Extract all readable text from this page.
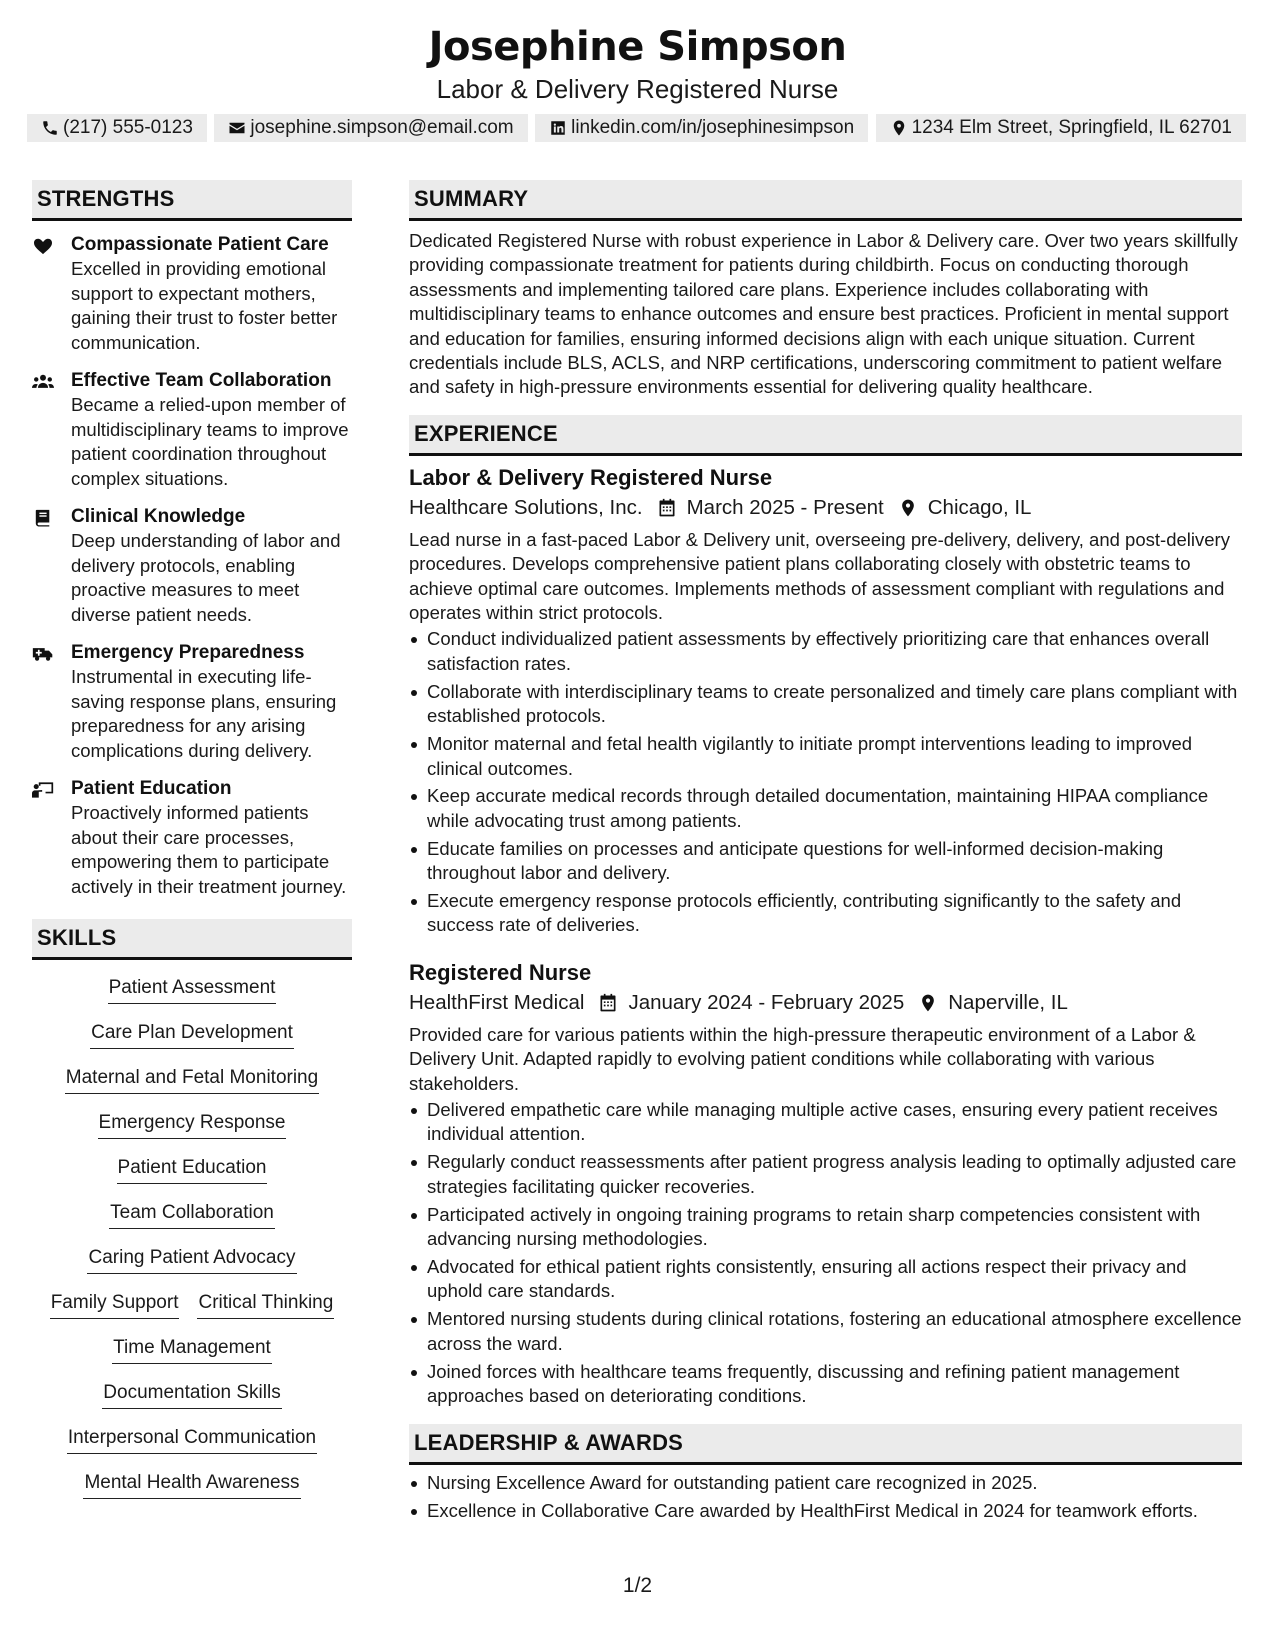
Josephine Simpson
Labor & Delivery Registered Nurse
(217) 555-0123	josephine.simpson@email.com	linkedin.com/in/josephinesimpson	1234 Elm Street, Springfield, IL 62701
STRENGTHS
Compassionate Patient Care
Excelled in providing emotional support to expectant mothers, gaining their trust to foster better communication.
Effective Team Collaboration
Became a relied-upon member of multidisciplinary teams to improve patient coordination throughout complex situations.
Clinical Knowledge
Deep understanding of labor and delivery protocols, enabling proactive measures to meet diverse patient needs.
Emergency Preparedness
Instrumental in executing life-saving response plans, ensuring preparedness for any arising complications during delivery.
Patient Education
Proactively informed patients about their care processes, empowering them to participate actively in their treatment journey.
SKILLS
Patient Assessment
Care Plan Development
Maternal and Fetal Monitoring
Emergency Response
Patient Education
Team Collaboration
Caring Patient Advocacy
Family Support Critical Thinking
Time Management
Documentation Skills
Interpersonal Communication
Mental Health Awareness
SUMMARY
Dedicated Registered Nurse with robust experience in Labor & Delivery care. Over two years skillfully providing compassionate treatment for patients during childbirth. Focus on conducting thorough assessments and implementing tailored care plans. Experience includes collaborating with multidisciplinary teams to enhance outcomes and ensure best practices. Proficient in mental support and education for families, ensuring informed decisions align with each unique situation. Current credentials include BLS, ACLS, and NRP certifications, underscoring commitment to patient welfare and safety in high-pressure environments essential for delivering quality healthcare.
EXPERIENCE
Labor & Delivery Registered Nurse
Healthcare Solutions, Inc. March 2025 - Present Chicago, IL
Lead nurse in a fast-paced Labor & Delivery unit, overseeing pre-delivery, delivery, and post-delivery procedures. Develops comprehensive patient plans collaborating closely with obstetric teams to achieve optimal care outcomes. Implements methods of assessment compliant with regulations and operates within strict protocols.
Conduct individualized patient assessments by effectively prioritizing care that enhances overall satisfaction rates.
Collaborate with interdisciplinary teams to create personalized and timely care plans compliant with established protocols.
Monitor maternal and fetal health vigilantly to initiate prompt interventions leading to improved clinical outcomes.
Keep accurate medical records through detailed documentation, maintaining HIPAA compliance while advocating trust among patients.
Educate families on processes and anticipate questions for well-informed decision-making throughout labor and delivery.
Execute emergency response protocols efficiently, contributing significantly to the safety and success rate of deliveries.
Registered Nurse
HealthFirst Medical January 2024 - February 2025 Naperville, IL
Provided care for various patients within the high-pressure therapeutic environment of a Labor & Delivery Unit. Adapted rapidly to evolving patient conditions while collaborating with various stakeholders.
Delivered empathetic care while managing multiple active cases, ensuring every patient receives individual attention.
Regularly conduct reassessments after patient progress analysis leading to optimally adjusted care strategies facilitating quicker recoveries.
Participated actively in ongoing training programs to retain sharp competencies consistent with advancing nursing methodologies.
Advocated for ethical patient rights consistently, ensuring all actions respect their privacy and uphold care standards.
Mentored nursing students during clinical rotations, fostering an educational atmosphere excellence across the ward.
Joined forces with healthcare teams frequently, discussing and refining patient management approaches based on deteriorating conditions.
LEADERSHIP & AWARDS
Nursing Excellence Award for outstanding patient care recognized in 2025.
Excellence in Collaborative Care awarded by HealthFirst Medical in 2024 for teamwork efforts.
1/2
